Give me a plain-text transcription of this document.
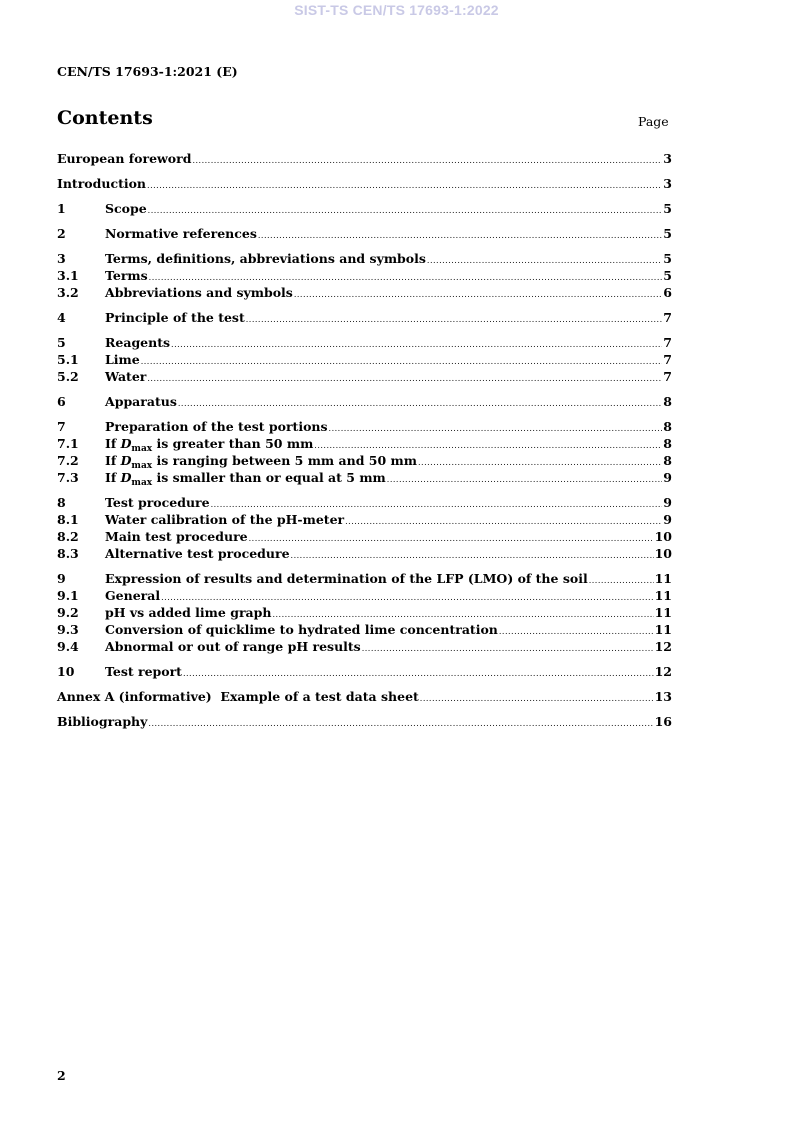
SIST-TS CEN/TS 17693-1:2022
CEN/TS 17693-1:2021 (E)
Contents	Page
European foreword .....	3
Introduction .....	3
1	Scope .....	5
2	Normative references .....	5
3	Terms, definitions, abbreviations and symbols .....	5
3.1	Terms .....	5
3.2	Abbreviations and symbols .....	6
4	Principle of the test .....	7
5	Reagents .....	7
5.1	Lime .....	7
5.2	Water .....	7
6	Apparatus .....	8
7	Preparation of the test portions .....	8
7.1	If $D_{max}$ is greater than 50 mm .....	8
7.2	If $D_{max}$ is ranging between 5 mm and 50 mm .....	8
7.3	If $D_{max}$ is smaller than or equal at 5 mm .....	9
8	Test procedure .....	9
8.1	Water calibration of the pH-meter .....	9
8.2	Main test procedure .....	10
8.3	Alternative test procedure .....	10
9	Expression of results and determination of the LFP (LMO) of the soil .....	11
9.1	General .....	11
9.2	pH vs added lime graph .....	11
9.3	Conversion of quicklime to hydrated lime concentration .....	11
9.4	Abnormal or out of range pH results .....	12
10	Test report .....	12
Annex A (informative)  Example of a test data sheet .....	13
Bibliography .....	16
2
